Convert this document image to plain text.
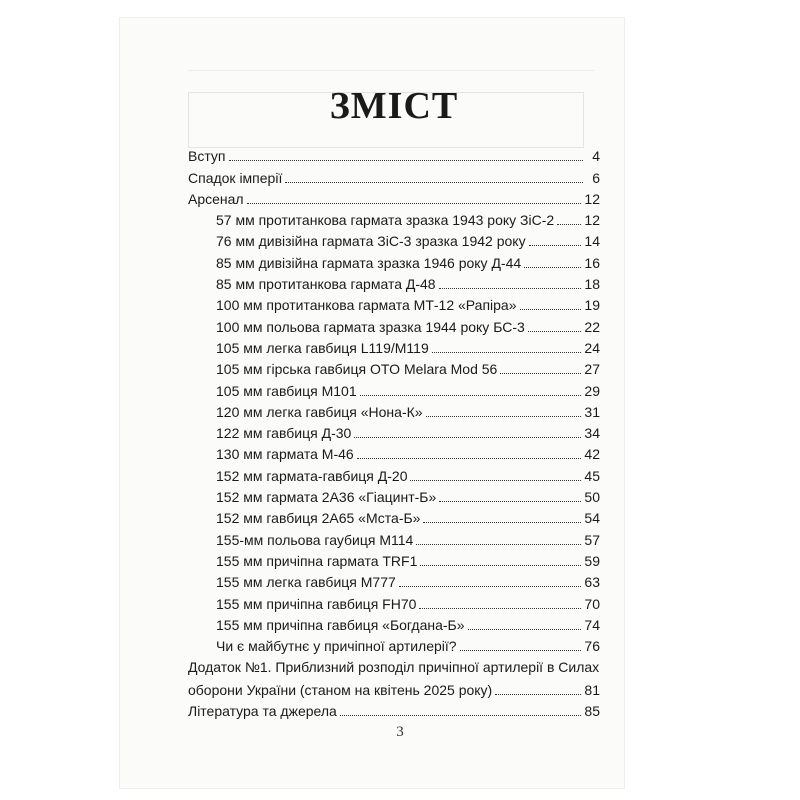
ЗМІСТ
Вступ	4
Спадок імперії	6
Арсенал	12
57 мм протитанкова гармата зразка 1943 року ЗіС-2 12
76 мм дивізійна гармата ЗіС-3 зразка 1942 року	14
85 мм дивізійна гармата зразка 1946 року Д-44	16
85 мм протитанкова гармата Д-48	18
100 мм протитанкова гармата МТ-12 «Рапіра»	19
100 мм польова гармата зразка 1944 року БС-3	22
105 мм легка гавбиця L119/M119	24
105 мм гірська гавбиця OTO Melara Mod 56	27
105 мм гавбиця M101	29
120 мм легка гавбиця «Нона-К»	31
122 мм гавбиця Д-30	34
130 мм гармата М-46	42
152 мм гармата-гавбиця Д-20	45
152 мм гармата 2А36 «Гіацинт-Б»	50
152 мм гавбиця 2А65 «Мста-Б»	54
155-мм польова гаубиця M114	57
155 мм причіпна гармата TRF1	59
155 мм легка гавбиця M777	63
155 мм причіпна гавбиця FH70	70
155 мм причіпна гавбиця «Богдана-Б»	74
Чи є майбутнє у причіпної артилерії?	76
Додаток №1. Приблизний розподіл причіпної артилерії в Силах
оборони України (станом на квітень 2025 року)	81
Література та джерела	85
3
